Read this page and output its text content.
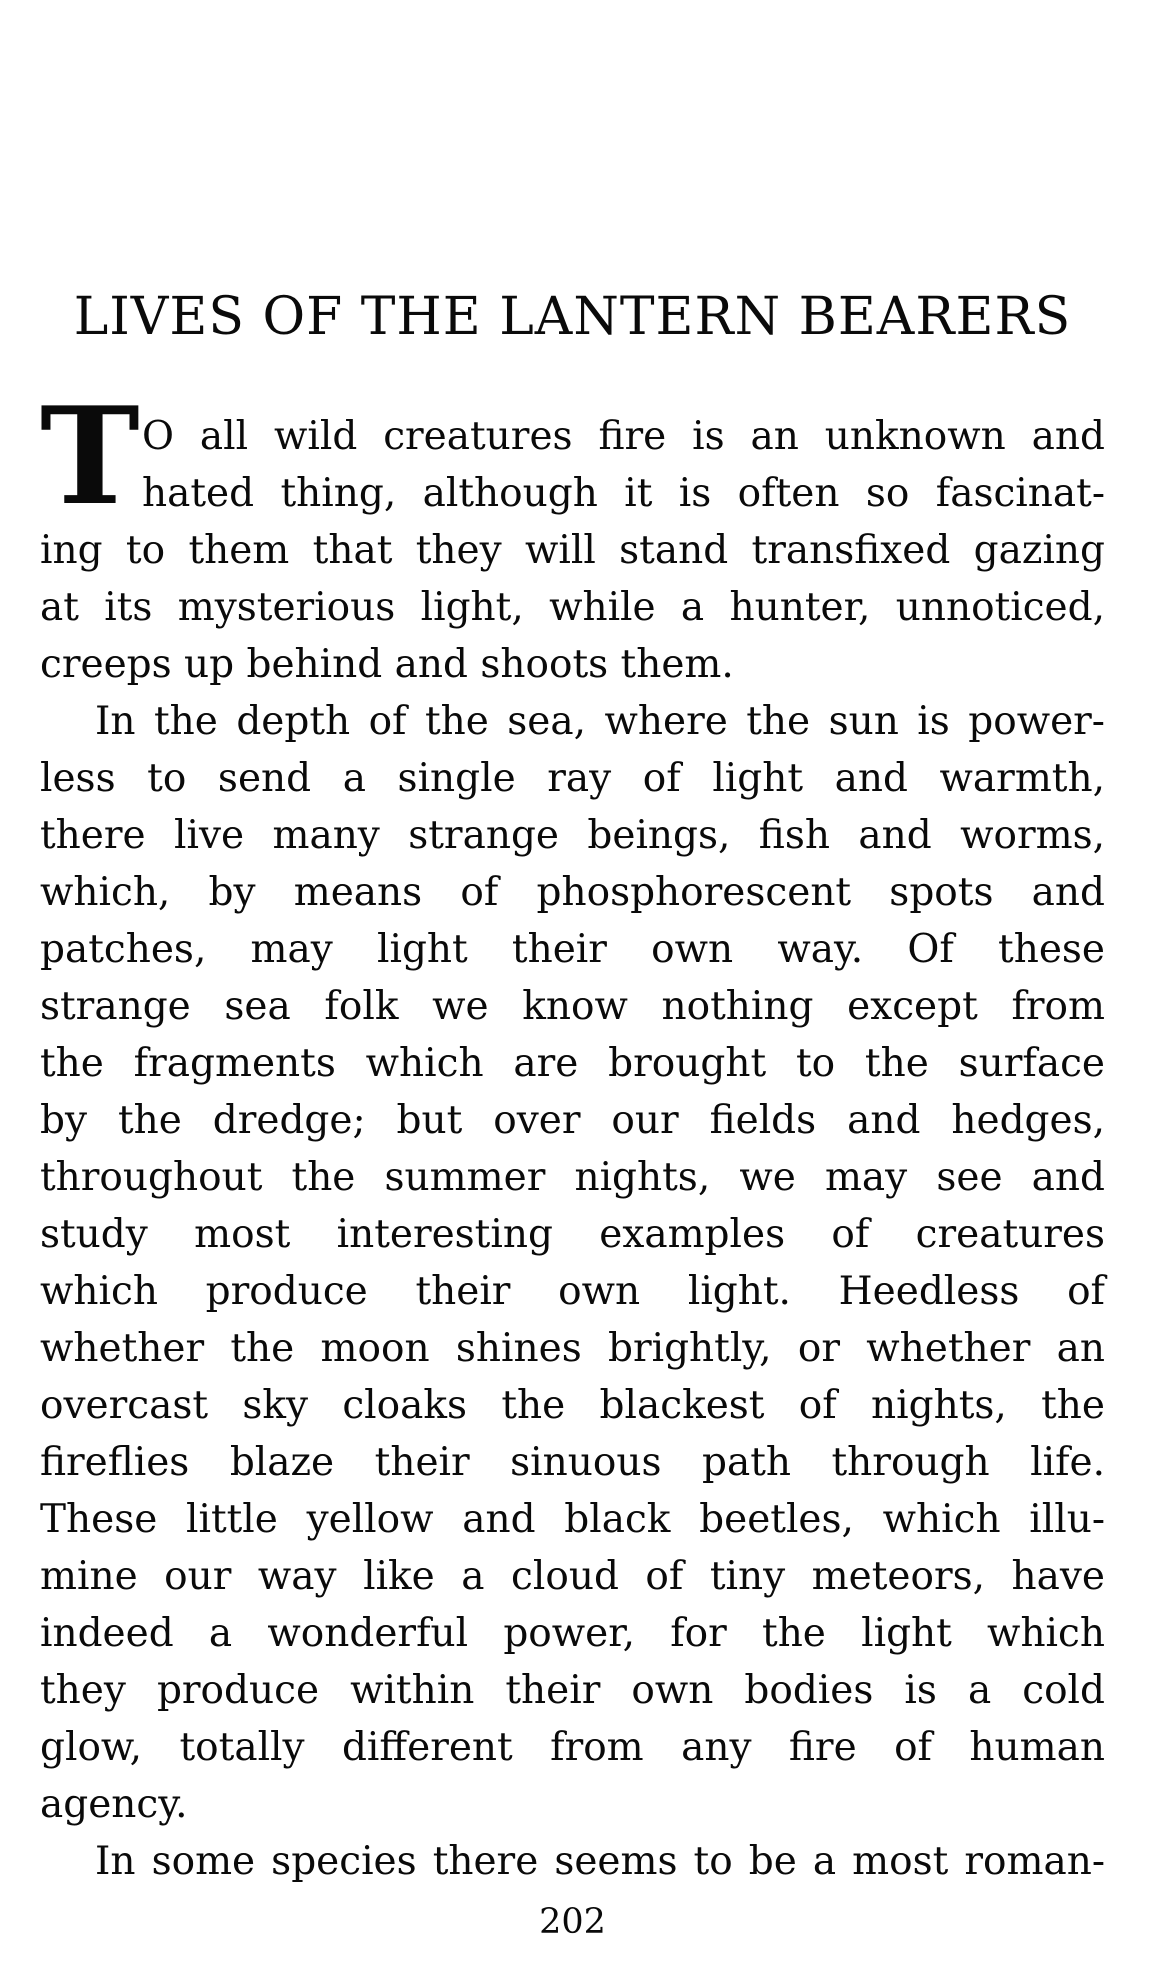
LIVES OF THE LANTERN BEARERS
T O all wild creatures fire is an unknown and
hated thing, although it is often so fascinat-
ing to them that they will stand transfixed gazing
at its mysterious light, while a hunter, unnoticed,
creeps up behind and shoots them.
In the depth of the sea, where the sun is power-
less to send a single ray of light and warmth,
there live many strange beings, fish and worms,
which, by means of phosphorescent spots and
patches, may light their own way. Of these
strange sea folk we know nothing except from
the fragments which are brought to the surface
by the dredge; but over our fields and hedges,
throughout the summer nights, we may see and
study most interesting examples of creatures
which produce their own light. Heedless of
whether the moon shines brightly, or whether an
overcast sky cloaks the blackest of nights, the
fireflies blaze their sinuous path through life.
These little yellow and black beetles, which illu-
mine our way like a cloud of tiny meteors, have
indeed a wonderful power, for the light which
they produce within their own bodies is a cold
glow, totally different from any fire of human
agency.
In some species there seems to be a most roman-
202
